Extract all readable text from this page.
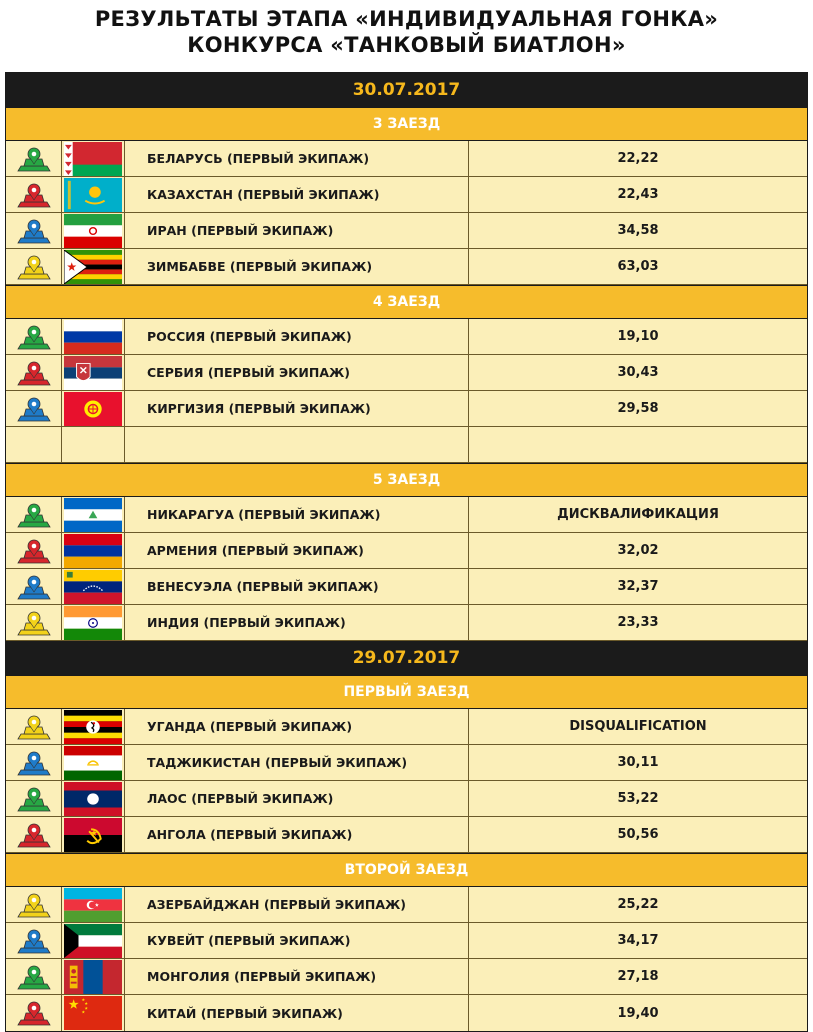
РЕЗУЛЬТАТЫ ЭТАПА «ИНДИВИДУАЛЬНАЯ ГОНКА»
КОНКУРСА «ТАНКОВЫЙ БИАТЛОН»
30.07.2017
3 ЗАЕЗД
БЕЛАРУСЬ (ПЕРВЫЙ ЭКИПАЖ)	22,22
КАЗАХСТАН (ПЕРВЫЙ ЭКИПАЖ)	22,43
ИРАН (ПЕРВЫЙ ЭКИПАЖ)	34,58
ЗИМБАБВЕ (ПЕРВЫЙ ЭКИПАЖ)	63,03
4 ЗАЕЗД
РОССИЯ (ПЕРВЫЙ ЭКИПАЖ)	19,10
СЕРБИЯ (ПЕРВЫЙ ЭКИПАЖ)	30,43
КИРГИЗИЯ (ПЕРВЫЙ ЭКИПАЖ)	29,58
5 ЗАЕЗД
НИКАРАГУА (ПЕРВЫЙ ЭКИПАЖ)	ДИСКВАЛИФИКАЦИЯ
АРМЕНИЯ (ПЕРВЫЙ ЭКИПАЖ)	32,02
ВЕНЕСУЭЛА (ПЕРВЫЙ ЭКИПАЖ)	32,37
ИНДИЯ (ПЕРВЫЙ ЭКИПАЖ)	23,33
29.07.2017
ПЕРВЫЙ ЗАЕЗД
УГАНДА (ПЕРВЫЙ ЭКИПАЖ)	DISQUALIFICATION
ТАДЖИКИСТАН (ПЕРВЫЙ ЭКИПАЖ)	30,11
ЛАОС (ПЕРВЫЙ ЭКИПАЖ)	53,22
АНГОЛА (ПЕРВЫЙ ЭКИПАЖ)	50,56
ВТОРОЙ ЗАЕЗД
АЗЕРБАЙДЖАН (ПЕРВЫЙ ЭКИПАЖ)	25,22
КУВЕЙТ (ПЕРВЫЙ ЭКИПАЖ)	34,17
МОНГОЛИЯ (ПЕРВЫЙ ЭКИПАЖ)	27,18
КИТАЙ (ПЕРВЫЙ ЭКИПАЖ)	19,40
